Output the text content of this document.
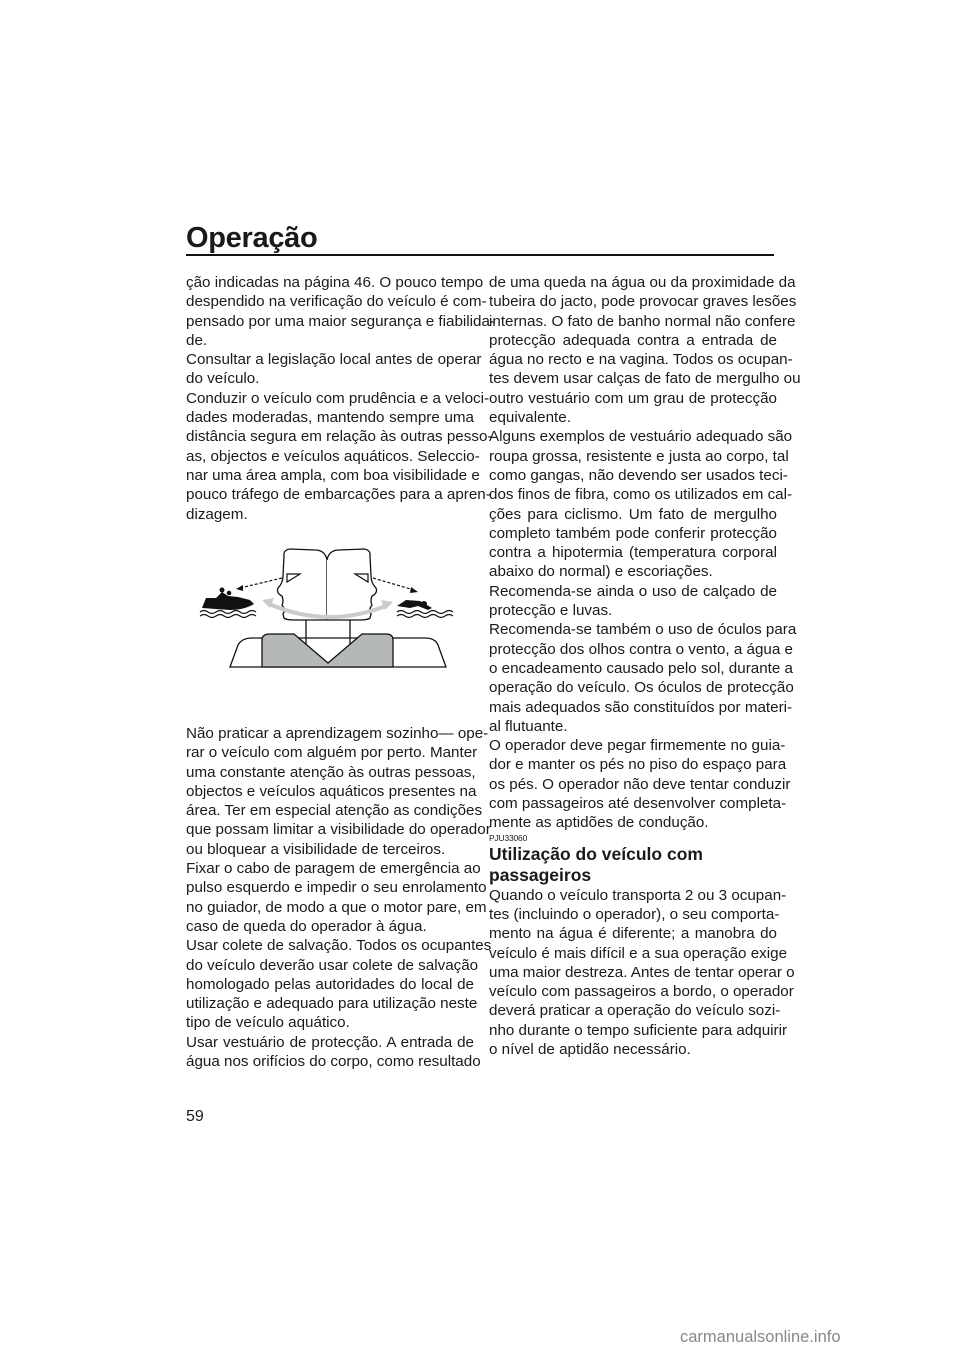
Operação
ção indicadas na página 46. O pouco tempo
despendido na verificação do veículo é com-
pensado por uma maior segurança e fiabilida-
de.
Consultar a legislação local antes de operar
do veículo.
Conduzir o veículo com prudência e a veloci-
dades moderadas, mantendo sempre uma
distância segura em relação às outras pesso-
as, objectos e veículos aquáticos. Seleccio-
nar uma área ampla, com boa visibilidade e
pouco tráfego de embarcações para a apren-
dizagem.
Não praticar a aprendizagem sozinho— ope-
rar o veículo com alguém por perto. Manter
uma constante atenção às outras pessoas,
objectos e veículos aquáticos presentes na
área. Ter em especial atenção as condições
que possam limitar a visibilidade do operador
ou bloquear a visibilidade de terceiros.
Fixar o cabo de paragem de emergência ao
pulso esquerdo e impedir o seu enrolamento
no guiador, de modo a que o motor pare, em
caso de queda do operador à água.
Usar colete de salvação. Todos os ocupantes
do veículo deverão usar colete de salvação
homologado pelas autoridades do local de
utilização e adequado para utilização neste
tipo de veículo aquático.
Usar vestuário de protecção. A entrada de
água nos orifícios do corpo, como resultado
de uma queda na água ou da proximidade da
tubeira do jacto, pode provocar graves lesões
internas. O fato de banho normal não confere
protecção adequada contra a entrada de
água no recto e na vagina. Todos os ocupan-
tes devem usar calças de fato de mergulho ou
outro vestuário com um grau de protecção
equivalente.
Alguns exemplos de vestuário adequado são
roupa grossa, resistente e justa ao corpo, tal
como gangas, não devendo ser usados teci-
dos finos de fibra, como os utilizados em cal-
ções para ciclismo. Um fato de mergulho
completo também pode conferir protecção
contra a hipotermia (temperatura corporal
abaixo do normal) e escoriações.
Recomenda-se ainda o uso de calçado de
protecção e luvas.
Recomenda-se também o uso de óculos para
protecção dos olhos contra o vento, a água e
o encadeamento causado pelo sol, durante a
operação do veículo. Os óculos de protecção
mais adequados são constituídos por materi-
al flutuante.
O operador deve pegar firmemente no guia-
dor e manter os pés no piso do espaço para
os pés. O operador não deve tentar conduzir
com passageiros até desenvolver completa-
mente as aptidões de condução.
PJU33060
Utilização do veículo com
passageiros
Quando o veículo transporta 2 ou 3 ocupan-
tes (incluindo o operador), o seu comporta-
mento na água é diferente; a manobra do
veículo é mais difícil e a sua operação exige
uma maior destreza. Antes de tentar operar o
veículo com passageiros a bordo, o operador
deverá praticar a operação do veículo sozi-
nho durante o tempo suficiente para adquirir
o nível de aptidão necessário.
59
carmanualsonline.info
